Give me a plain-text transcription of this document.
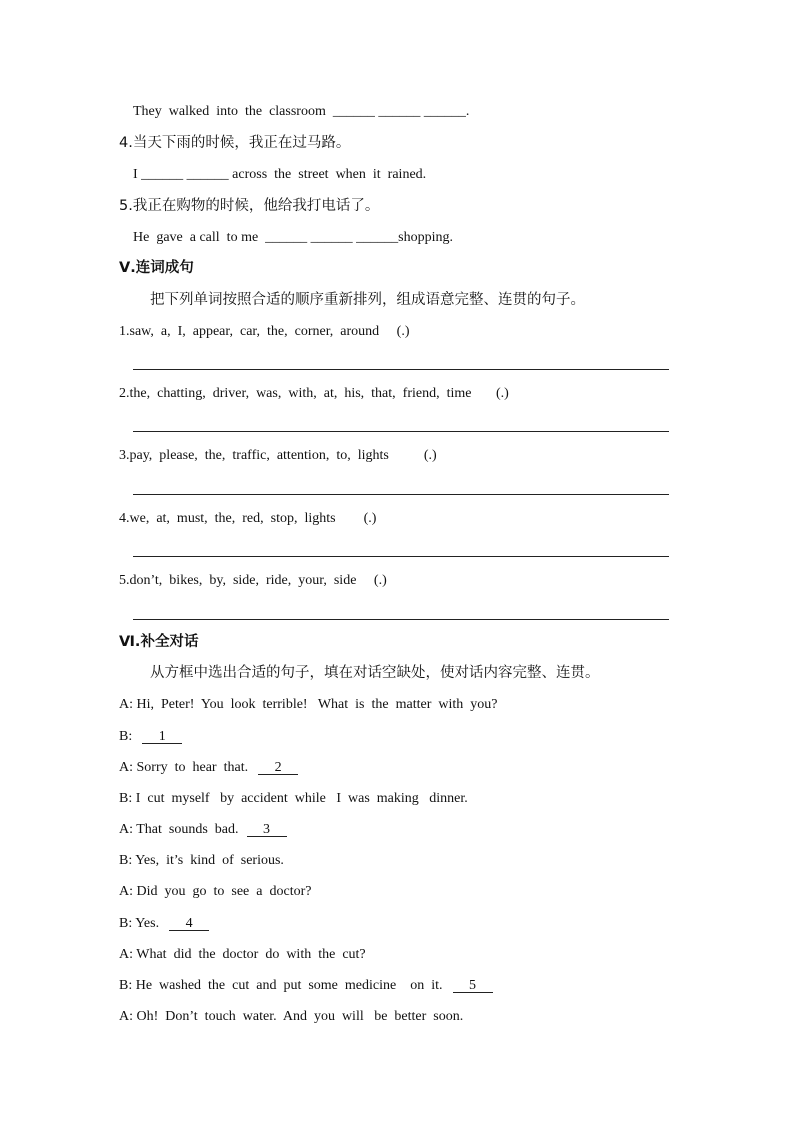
They  walked  into  the  classroom  ______ ______ ______.
4.当天下雨的时候，我正在过马路。
I ______ ______ across  the  street  when  it  rained.
5.我正在购物的时候，他给我打电话了。
He  gave  a call  to me  ______ ______ ______shopping.
Ⅴ.连词成句
把下列单词按照合适的顺序重新排列，组成语意完整、连贯的句子。
1.saw,  a,  I,  appear,  car,  the,  corner,  around     (.)
2.the,  chatting,  driver,  was,  with,  at,  his,  that,  friend,  time       (.)
3.pay,  please,  the,  traffic,  attention,  to,  lights          (.)
4.we,  at,  must,  the,  red,  stop,  lights        (.)
5.don’t,  bikes,  by,  side,  ride,  your,  side     (.)
Ⅵ.补全对话
从方框中选出合适的句子，填在对话空缺处，使对话内容完整、连贯。
A: Hi,  Peter!  You  look  terrible!   What  is  the  matter  with  you?
B: 1
A: Sorry  to  hear  that. 2
B: I  cut  myself   by  accident  while   I  was  making   dinner.
A: That  sounds  bad. 3
B: Yes,  it’s  kind  of  serious.
A: Did  you  go  to  see  a  doctor?
B: Yes. 4
A: What  did  the  doctor  do  with  the  cut?
B: He  washed  the  cut  and  put  some  medicine    on  it. 5
A: Oh!  Don’t  touch  water.  And  you  will   be  better  soon.
